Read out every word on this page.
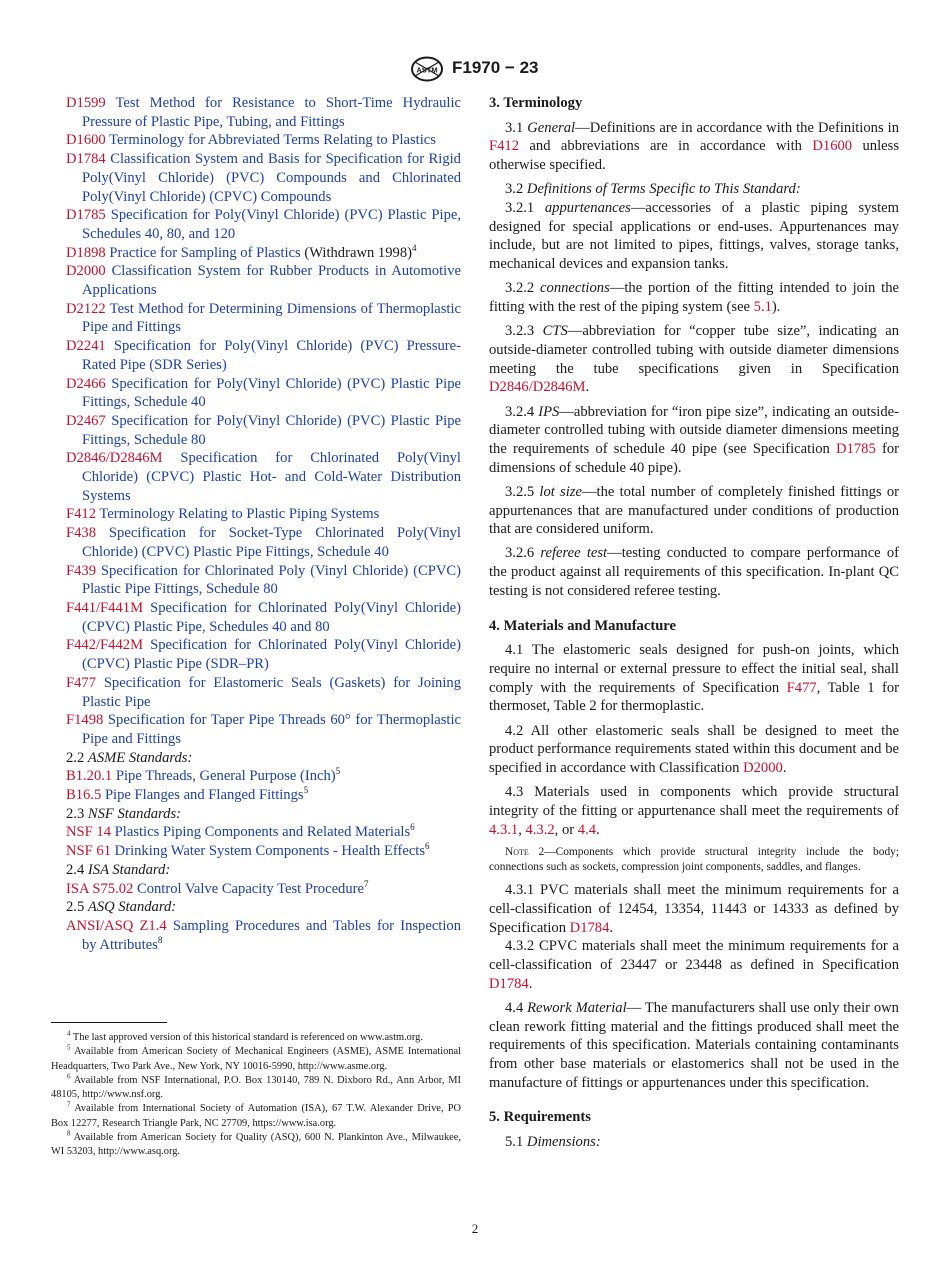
ASTM F1970 − 23
D1599 Test Method for Resistance to Short-Time Hydraulic Pressure of Plastic Pipe, Tubing, and Fittings
D1600 Terminology for Abbreviated Terms Relating to Plastics
D1784 Classification System and Basis for Specification for Rigid Poly(Vinyl Chloride) (PVC) Compounds and Chlorinated Poly(Vinyl Chloride) (CPVC) Compounds
D1785 Specification for Poly(Vinyl Chloride) (PVC) Plastic Pipe, Schedules 40, 80, and 120
D1898 Practice for Sampling of Plastics (Withdrawn 1998)$^4$
D2000 Classification System for Rubber Products in Automotive Applications
D2122 Test Method for Determining Dimensions of Thermoplastic Pipe and Fittings
D2241 Specification for Poly(Vinyl Chloride) (PVC) Pressure-Rated Pipe (SDR Series)
D2466 Specification for Poly(Vinyl Chloride) (PVC) Plastic Pipe Fittings, Schedule 40
D2467 Specification for Poly(Vinyl Chloride) (PVC) Plastic Pipe Fittings, Schedule 80
D2846/D2846M Specification for Chlorinated Poly(Vinyl Chloride) (CPVC) Plastic Hot- and Cold-Water Distribution Systems
F412 Terminology Relating to Plastic Piping Systems
F438 Specification for Socket-Type Chlorinated Poly(Vinyl Chloride) (CPVC) Plastic Pipe Fittings, Schedule 40
F439 Specification for Chlorinated Poly (Vinyl Chloride) (CPVC) Plastic Pipe Fittings, Schedule 80
F441/F441M Specification for Chlorinated Poly(Vinyl Chloride) (CPVC) Plastic Pipe, Schedules 40 and 80
F442/F442M Specification for Chlorinated Poly(Vinyl Chloride) (CPVC) Plastic Pipe (SDR–PR)
F477 Specification for Elastomeric Seals (Gaskets) for Joining Plastic Pipe
F1498 Specification for Taper Pipe Threads 60° for Thermoplastic Pipe and Fittings
2.2 ASME Standards:
B1.20.1 Pipe Threads, General Purpose (Inch)$^5$
B16.5 Pipe Flanges and Flanged Fittings$^5$
2.3 NSF Standards:
NSF 14 Plastics Piping Components and Related Materials$^6$
NSF 61 Drinking Water System Components - Health Effects$^6$
2.4 ISA Standard:
ISA S75.02 Control Valve Capacity Test Procedure$^7$
2.5 ASQ Standard:
ANSI/ASQ Z1.4 Sampling Procedures and Tables for Inspection by Attributes$^8$
3. Terminology

3.1 General—Definitions are in accordance with the Definitions in F412 and abbreviations are in accordance with D1600 unless otherwise specified.

3.2 Definitions of Terms Specific to This Standard:

3.2.1 appurtenances—accessories of a plastic piping system designed for special applications or end-uses. Appurtenances may include, but are not limited to pipes, fittings, valves, storage tanks, mechanical devices and expansion tanks.

3.2.2 connections—the portion of the fitting intended to join the fitting with the rest of the piping system (see 5.1).

3.2.3 CTS—abbreviation for “copper tube size”, indicating an outside-diameter controlled tubing with outside diameter dimensions meeting the tube specifications given in Specification D2846/D2846M.

3.2.4 IPS—abbreviation for “iron pipe size”, indicating an outside-diameter controlled tubing with outside diameter dimensions meeting the requirements of schedule 40 pipe (see Specification D1785 for dimensions of schedule 40 pipe).

3.2.5 lot size—the total number of completely finished fittings or appurtenances that are manufactured under conditions of production that are considered uniform.

3.2.6 referee test—testing conducted to compare performance of the product against all requirements of this specification. In-plant QC testing is not considered referee testing.

4. Materials and Manufacture

4.1 The elastomeric seals designed for push-on joints, which require no internal or external pressure to effect the initial seal, shall comply with the requirements of Specification F477, Table 1 for thermoset, Table 2 for thermoplastic.

4.2 All other elastomeric seals shall be designed to meet the product performance requirements stated within this document and be specified in accordance with Classification D2000.

4.3 Materials used in components which provide structural integrity of the fitting or appurtenance shall meet the requirements of 4.3.1, 4.3.2, or 4.4.

Note 2—Components which provide structural integrity include the body; connections such as sockets, compression joint components, saddles, and flanges.

4.3.1 PVC materials shall meet the minimum requirements for a cell-classification of 12454, 13354, 11443 or 14333 as defined by Specification D1784.

4.3.2 CPVC materials shall meet the minimum requirements for a cell-classification of 23447 or 23448 as defined in Specification D1784.

4.4 Rework Material— The manufacturers shall use only their own clean rework fitting material and the fittings produced shall meet the requirements of this specification. Materials containing contaminants from other base materials or elastomerics shall not be used in the manufacture of fittings or appurtenances under this specification.

5. Requirements

5.1 Dimensions:

$^4$ The last approved version of this historical standard is referenced on www.astm.org.

$^5$ Available from American Society of Mechanical Engineers (ASME), ASME International Headquarters, Two Park Ave., New York, NY 10016-5990, http://www.asme.org.

$^6$ Available from NSF International, P.O. Box 130140, 789 N. Dixboro Rd., Ann Arbor, MI 48105, http://www.nsf.org.

$^7$ Available from International Society of Automation (ISA), 67 T.W. Alexander Drive, PO Box 12277, Research Triangle Park, NC 27709, https://www.isa.org.

$^8$ Available from American Society for Quality (ASQ), 600 N. Plankinton Ave., Milwaukee, WI 53203, http://www.asq.org.

2
